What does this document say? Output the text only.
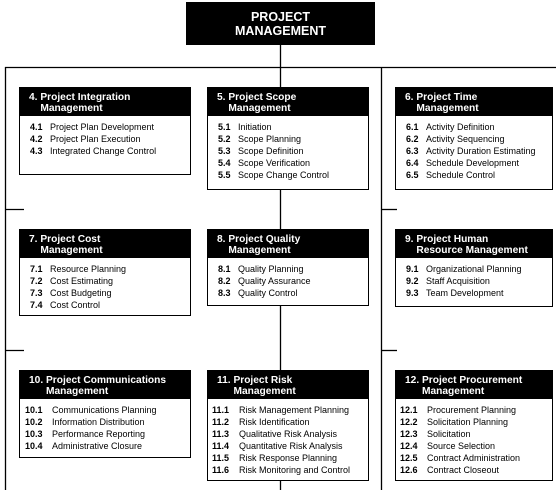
PROJECT
MANAGEMENT
4.
Project Integration
Management
4.1 Project Plan Development
4.2 Project Plan Execution
4.3 Integrated Change Control
5.
Project Scope
Management
5.1 Initiation
5.2 Scope Planning
5.3 Scope Definition
5.4 Scope Verification
5.5 Scope Change Control
6.
Project Time
Management
6.1 Activity Definition
6.2 Activity Sequencing
6.3 Activity Duration Estimating
6.4 Schedule Development
6.5 Schedule Control
7.
Project Cost
Management
7.1 Resource Planning
7.2 Cost Estimating
7.3 Cost Budgeting
7.4 Cost Control
8.
Project Quality
Management
8.1 Quality Planning
8.2 Quality Assurance
8.3 Quality Control
9.
Project Human
Resource Management
9.1 Organizational Planning
9.2 Staff Acquisition
9.3 Team Development
10.
Project Communications
Management
10.1	Communications Planning
10.2	Information Distribution
10.3	Performance Reporting
10.4	Administrative Closure
11.
Project Risk
Management
11.1	Risk Management Planning
11.2	Risk Identification
11.3	Qualitative Risk Analysis
11.4	Quantitative Risk Analysis
11.5	Risk Response Planning
11.6	Risk Monitoring and Control
12.
Project Procurement
Management
12.1	Procurement Planning
12.2	Solicitation Planning
12.3	Solicitation
12.4	Source Selection
12.5	Contract Administration
12.6	Contract Closeout
